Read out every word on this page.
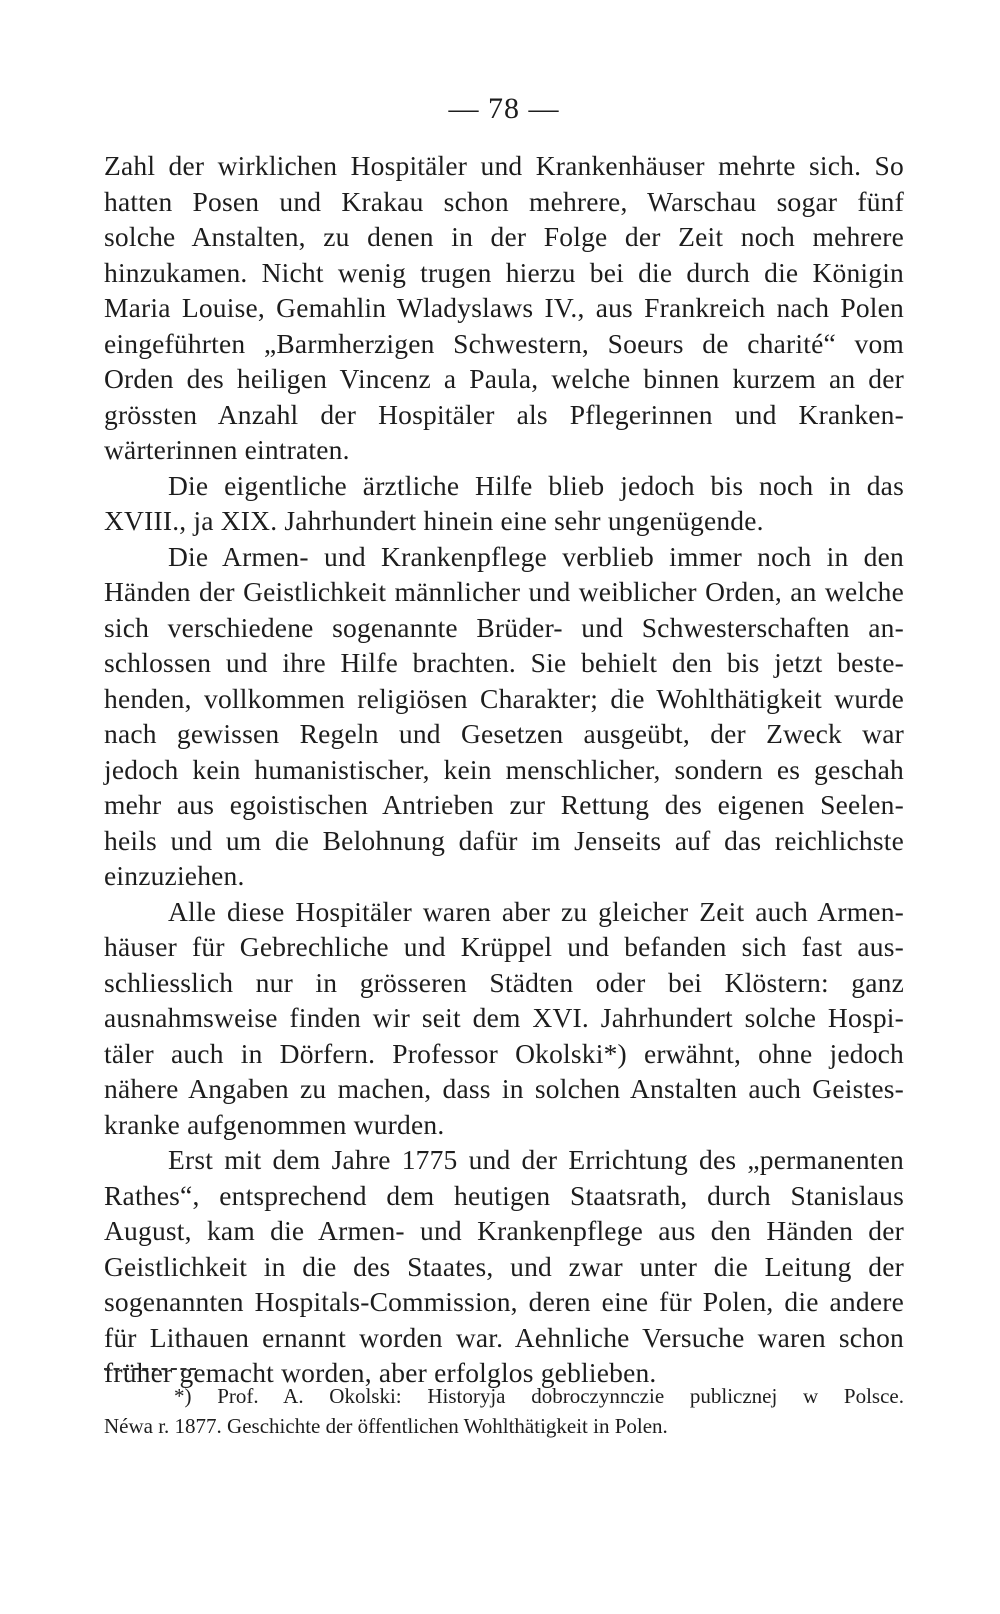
— 78 —
Zahl der wirklichen Hospitäler und Krankenhäuser mehrte sich. So
hatten Posen und Krakau schon mehrere, Warschau sogar fünf
solche Anstalten, zu denen in der Folge der Zeit noch mehrere
hinzukamen. Nicht wenig trugen hierzu bei die durch die Königin
Maria Louise, Gemahlin Wladyslaws IV., aus Frankreich nach Polen
eingeführten „Barmherzigen Schwestern, Soeurs de charité“ vom
Orden des heiligen Vincenz a Paula, welche binnen kurzem an der
grössten Anzahl der Hospitäler als Pflegerinnen und Kranken-
wärterinnen eintraten.
Die eigentliche ärztliche Hilfe blieb jedoch bis noch in das
XVIII., ja XIX. Jahrhundert hinein eine sehr ungenügende.
Die Armen- und Krankenpflege verblieb immer noch in den
Händen der Geistlichkeit männlicher und weiblicher Orden, an welche
sich verschiedene sogenannte Brüder- und Schwesterschaften an-
schlossen und ihre Hilfe brachten. Sie behielt den bis jetzt beste-
henden, vollkommen religiösen Charakter; die Wohlthätigkeit wurde
nach gewissen Regeln und Gesetzen ausgeübt, der Zweck war
jedoch kein humanistischer, kein menschlicher, sondern es geschah
mehr aus egoistischen Antrieben zur Rettung des eigenen Seelen-
heils und um die Belohnung dafür im Jenseits auf das reichlichste
einzuziehen.
Alle diese Hospitäler waren aber zu gleicher Zeit auch Armen-
häuser für Gebrechliche und Krüppel und befanden sich fast aus-
schliesslich nur in grösseren Städten oder bei Klöstern: ganz
ausnahmsweise finden wir seit dem XVI. Jahrhundert solche Hospi-
täler auch in Dörfern. Professor Okolski*) erwähnt, ohne jedoch
nähere Angaben zu machen, dass in solchen Anstalten auch Geistes-
kranke aufgenommen wurden.
Erst mit dem Jahre 1775 und der Errichtung des „permanenten
Rathes“, entsprechend dem heutigen Staatsrath, durch Stanislaus
August, kam die Armen- und Krankenpflege aus den Händen der
Geistlichkeit in die des Staates, und zwar unter die Leitung der
sogenannten Hospitals-Commission, deren eine für Polen, die andere
für Lithauen ernannt worden war. Aehnliche Versuche waren schon
früher gemacht worden, aber erfolglos geblieben.
*) Prof. A. Okolski: Historyja dobroczynnczie publicznej w Polsce.
Néwa r. 1877. Geschichte der öffentlichen Wohlthätigkeit in Polen.
